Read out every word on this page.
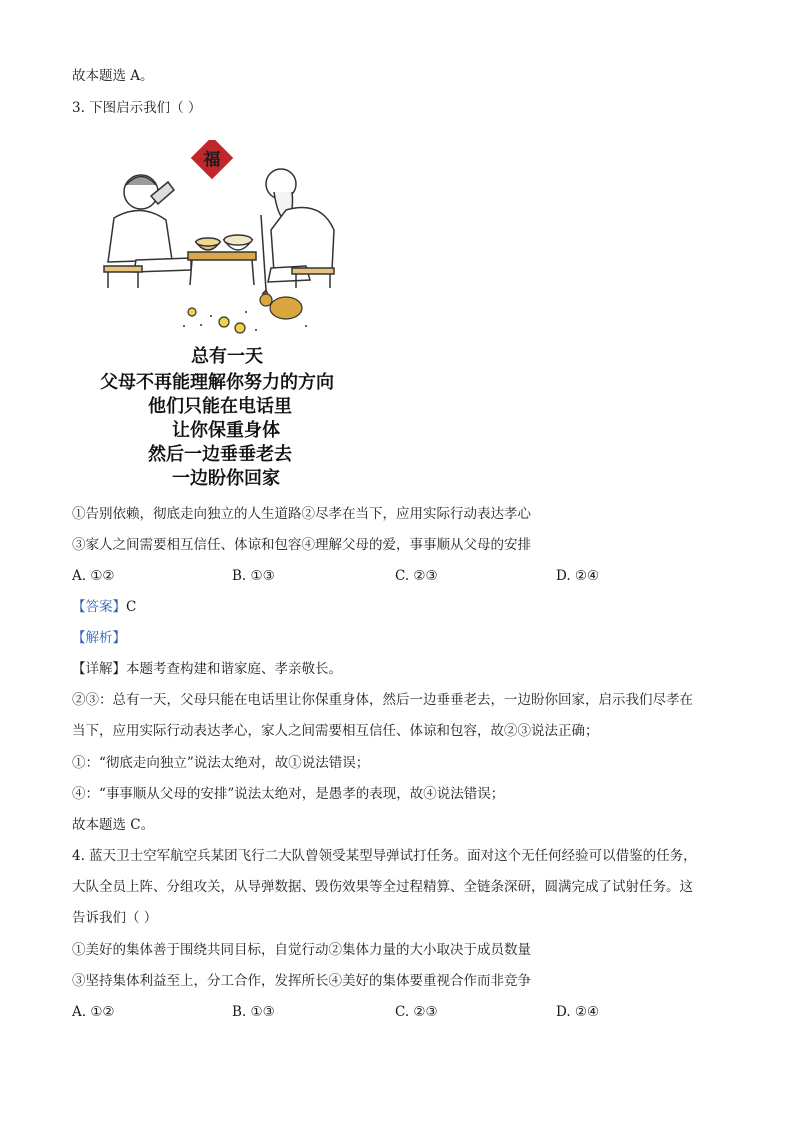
故本题选 A。
3. 下图启示我们（ ）
福
总有一天
父母不再能理解你努力的方向
他们只能在电话里
让你保重身体
然后一边垂垂老去
一边盼你回家
①告别依赖，彻底走向独立的人生道路②尽孝在当下，应用实际行动表达孝心
③家人之间需要相互信任、体谅和包容④理解父母的爱，事事顺从父母的安排
A. ①②	B. ①③	C. ②③	D. ②④
【答案】C
【解析】
【详解】本题考查构建和谐家庭、孝亲敬长。
②③：总有一天，父母只能在电话里让你保重身体，然后一边垂垂老去，一边盼你回家，启示我们尽孝在
当下，应用实际行动表达孝心，家人之间需要相互信任、体谅和包容，故②③说法正确；
①：“彻底走向独立”说法太绝对，故①说法错误；
④：“事事顺从父母的安排”说法太绝对，是愚孝的表现，故④说法错误；
故本题选 C。
4. 蓝天卫士空军航空兵某团飞行二大队曾领受某型导弹试打任务。面对这个无任何经验可以借鉴的任务，
大队全员上阵、分组攻关，从导弹数据、毁伤效果等全过程精算、全链条深研，圆满完成了试射任务。这
告诉我们（ ）
①美好的集体善于围绕共同目标，自觉行动②集体力量的大小取决于成员数量
③坚持集体利益至上，分工合作，发挥所长④美好的集体要重视合作而非竞争
A. ①②	B. ①③	C. ②③	D. ②④
